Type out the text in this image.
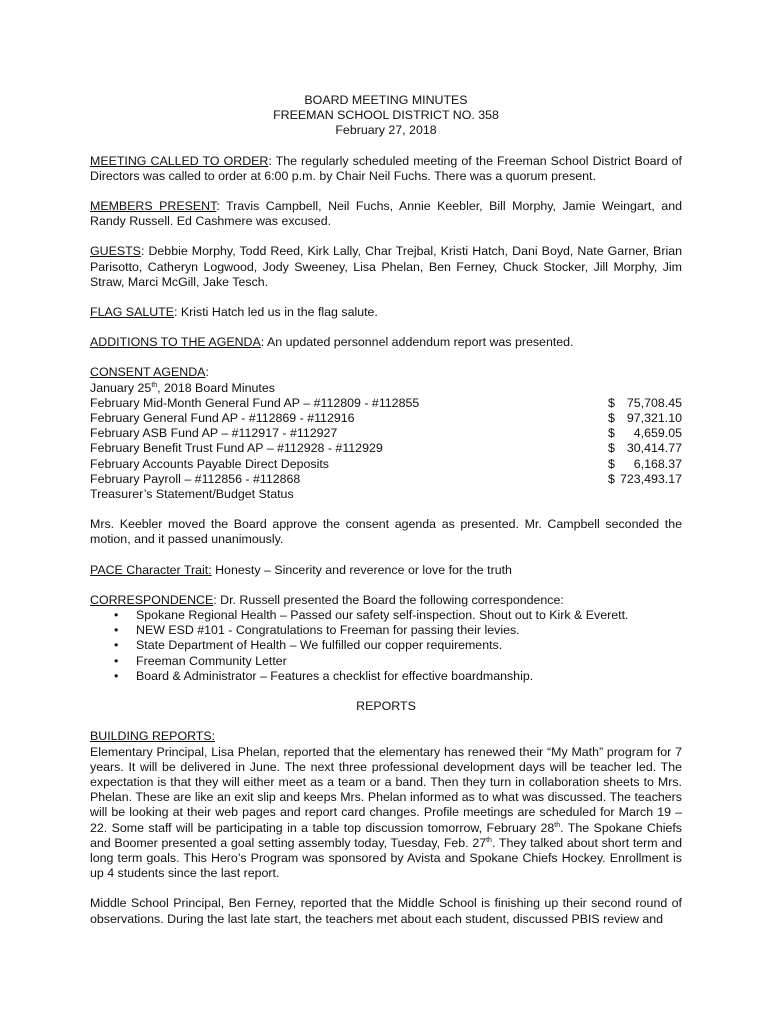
BOARD MEETING MINUTES
FREEMAN SCHOOL DISTRICT NO. 358
February 27, 2018

MEETING CALLED TO ORDER: The regularly scheduled meeting of the Freeman School District Board of Directors was called to order at 6:00 p.m. by Chair Neil Fuchs. There was a quorum present.

MEMBERS PRESENT: Travis Campbell, Neil Fuchs, Annie Keebler, Bill Morphy, Jamie Weingart, and Randy Russell. Ed Cashmere was excused.

GUESTS: Debbie Morphy, Todd Reed, Kirk Lally, Char Trejbal, Kristi Hatch, Dani Boyd, Nate Garner, Brian Parisotto, Catheryn Logwood, Jody Sweeney, Lisa Phelan, Ben Ferney, Chuck Stocker, Jill Morphy, Jim Straw, Marci McGill, Jake Tesch.

FLAG SALUTE: Kristi Hatch led us in the flag salute.

ADDITIONS TO THE AGENDA: An updated personnel addendum report was presented.

CONSENT AGENDA:
January 25th, 2018 Board Minutes
February Mid-Month General Fund AP – #112809 - #112855	$ 75,708.45
February General Fund AP - #112869 - #112916	$ 97,321.10
February ASB Fund AP – #112917 - #112927	$ 4,659.05
February Benefit Trust Fund AP – #112928 - #112929	$ 30,414.77
February Accounts Payable Direct Deposits	$ 6,168.37
February Payroll – #112856 - #112868	$ 723,493.17
Treasurer’s Statement/Budget Status

Mrs. Keebler moved the Board approve the consent agenda as presented. Mr. Campbell seconded the motion, and it passed unanimously.

PACE Character Trait: Honesty – Sincerity and reverence or love for the truth

CORRESPONDENCE: Dr. Russell presented the Board the following correspondence:
• Spokane Regional Health – Passed our safety self-inspection. Shout out to Kirk & Everett.
• NEW ESD #101 - Congratulations to Freeman for passing their levies.
• State Department of Health – We fulfilled our copper requirements.
• Freeman Community Letter
• Board & Administrator – Features a checklist for effective boardmanship.
REPORTS
BUILDING REPORTS:

Elementary Principal, Lisa Phelan, reported that the elementary has renewed their “My Math” program for 7 years. It will be delivered in June. The next three professional development days will be teacher led. The expectation is that they will either meet as a team or a band. Then they turn in collaboration sheets to Mrs. Phelan. These are like an exit slip and keeps Mrs. Phelan informed as to what was discussed. The teachers will be looking at their web pages and report card changes. Profile meetings are scheduled for March 19 – 22. Some staff will be participating in a table top discussion tomorrow, February 28th. The Spokane Chiefs and Boomer presented a goal setting assembly today, Tuesday, Feb. 27th. They talked about short term and long term goals. This Hero’s Program was sponsored by Avista and Spokane Chiefs Hockey. Enrollment is up 4 students since the last report.

Middle School Principal, Ben Ferney, reported that the Middle School is finishing up their second round of observations. During the last late start, the teachers met about each student, discussed PBIS review and
